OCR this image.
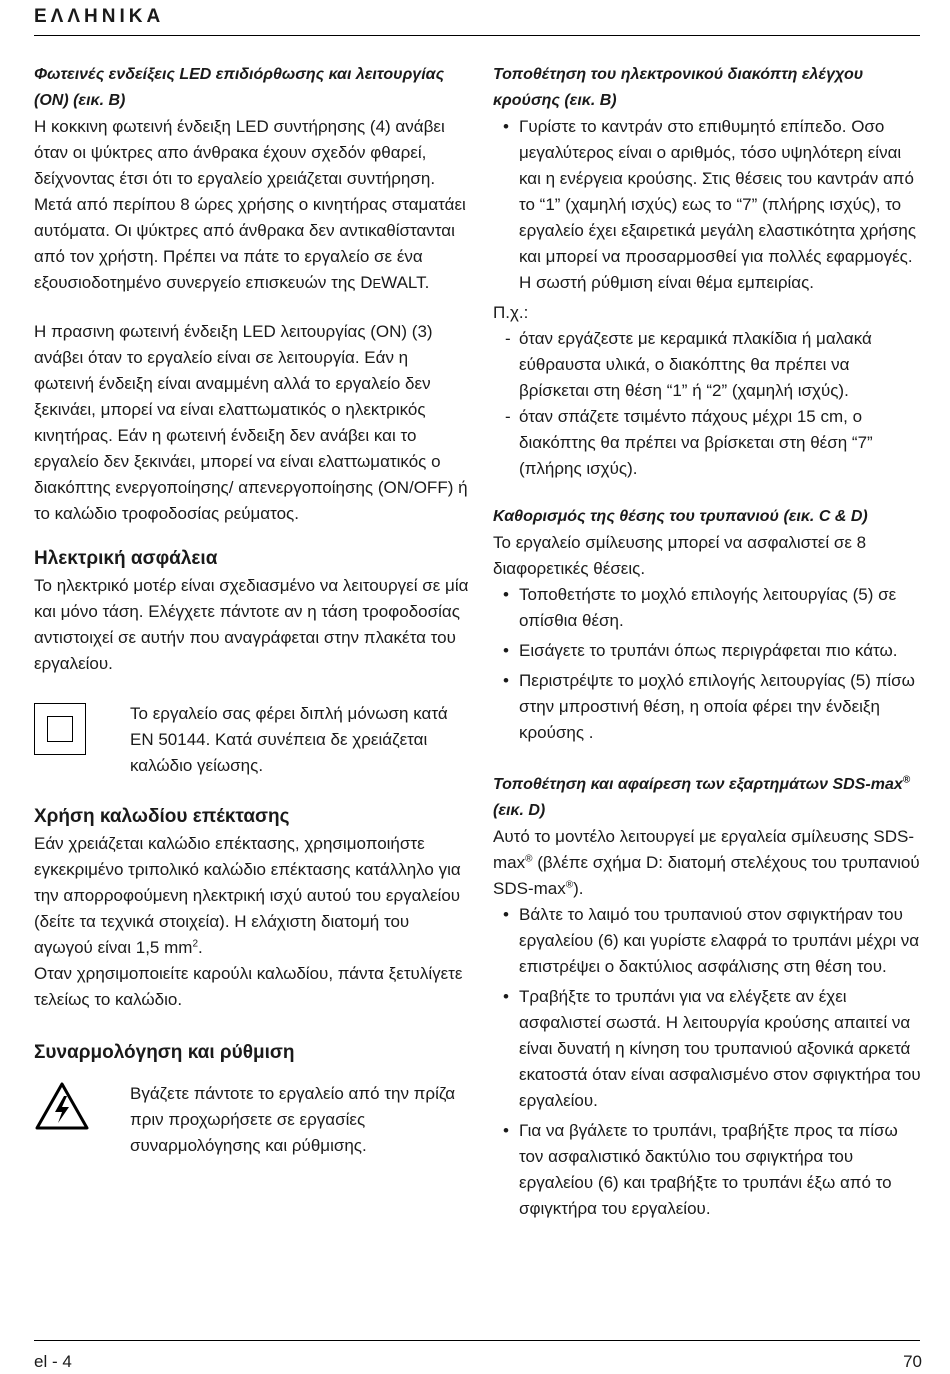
ΕΛΛΗΝΙΚΑ
Φωτεινές ενδείξεις LED επιδιόρθωσης και λειτουργίας (ON) (εικ. B)

Η κοκκινη φωτεινή ένδειξη LED συντήρησης (4) ανάβει όταν οι ψύκτρες απο άνθρακα έχουν σχεδόν φθαρεί, δείχνοντας έτσι ότι το εργαλείο χρειάζεται συντήρηση. Μετά από περίπου 8 ώρες χρήσης ο κινητήρας σταματάει αυτόματα. Οι ψύκτρες από άνθρακα δεν αντικαθίστανται από τον χρήστη. Πρέπει να πάτε το εργαλείο σε ένα εξουσιοδοτημένο συνεργείο επισκευών της DEWALT.

Η πρασινη φωτεινή ένδειξη LED λειτουργίας (ON) (3) ανάβει όταν το εργαλείο είναι σε λειτουργία. Εάν η φωτεινή ένδειξη είναι αναμμένη αλλά το εργαλείο δεν ξεκινάει, μπορεί να είναι ελαττωματικός ο ηλεκτρικός κινητήρας. Εάν η φωτεινή ένδειξη δεν ανάβει και το εργαλείο δεν ξεκινάει, μπορεί να είναι ελαττωματικός ο διακόπτης ενεργοποίησης/ απενεργοποίησης (ON/OFF) ή το καλώδιο τροφοδοσίας ρεύματος.

Ηλεκτρική ασφάλεια

Το ηλεκτρικό μοτέρ είναι σχεδιασμένο να λειτουργεί σε μία και μόνο τάση. Ελέγχετε πάντοτε αν η τάση τροφοδοσίας αντιστοιχεί σε αυτήν που αναγράφεται στην πλακέτα του εργαλείου.

Το εργαλείο σας φέρει διπλή μόνωση κατά EN 50144. Κατά συνέπεια δε χρειάζεται καλώδιο γείωσης.
Χρήση καλωδίου επέκτασης

Εάν χρειάζεται καλώδιο επέκτασης, χρησιμοποιήστε εγκεκριμένο τριπολικό καλώδιο επέκτασης κατάλληλο για την απορροφούμενη ηλεκτρική ισχύ αυτού του εργαλείου (δείτε τα τεχνικά στοιχεία). Η ελάχιστη διατομή του αγωγού είναι 1,5 $mm^2$.

Οταν χρησιμοποιείτε καρούλι καλωδίου, πάντα ξετυλίγετε τελείως το καλώδιο.

Συναρμολόγηση και ρύθμιση
Βγάζετε πάντοτε το εργαλείο από την πρίζα πριν προχωρήσετε σε εργασίες συναρμολόγησης και ρύθμισης.
Τοποθέτηση του ηλεκτρονικού διακόπτη ελέγχου κρούσης (εικ. B)
• Γυρίστε το καντράν στο επιθυμητό επίπεδο. Οσο μεγαλύτερος είναι ο αριθμός, τόσο υψηλότερη είναι και η ενέργεια κρούσης. Στις θέσεις του καντράν από το “1” (χαμηλή ισχύς) εως το “7” (πλήρης ισχύς), το εργαλείο έχει εξαιρετικά μεγάλη ελαστικότητα χρήσης και μπορεί να προσαρμοσθεί για πολλές εφαρμογές. Η σωστή ρύθμιση είναι θέμα εμπειρίας.

Π.χ.:

- όταν εργάζεστε με κεραμικά πλακίδια ή μαλακά εύθραυστα υλικά, ο διακόπτης θα πρέπει να βρίσκεται στη θέση “1” ή “2” (χαμηλή ισχύς).
- όταν σπάζετε τσιμέντο πάχους μέχρι 15 cm, ο διακόπτης θα πρέπει να βρίσκεται στη θέση “7” (πλήρης ισχύς).
Καθορισμός της θέσης του τρυπανιού (εικ. C & D)

Το εργαλείο σμίλευσης μπορεί να ασφαλιστεί σε 8 διαφορετικές θέσεις.

• Τοποθετήστε το μοχλό επιλογής λειτουργίας (5) σε οπίσθια θέση.
• Εισάγετε το τρυπάνι όπως περιγράφεται πιο κάτω.
• Περιστρέψτε το μοχλό επιλογής λειτουργίας (5) πίσω στην μπροστινή θέση, η οποία φέρει την ένδειξη κρούσης .
Τοποθέτηση και αφαίρεση των εξαρτημάτων SDS-max® (εικ. D)

Αυτό το μοντέλο λειτουργεί με εργαλεία σμίλευσης SDS-max® (βλέπε σχήμα D: διατομή στελέχους του τρυπανιού SDS-max®).

• Βάλτε το λαιμό του τρυπανιού στον σφιγκτήραν του εργαλείου (6) και γυρίστε ελαφρά το τρυπάνι μέχρι να επιστρέψει ο δακτύλιος ασφάλισης στη θέση του.
• Τραβήξτε το τρυπάνι για να ελέγξετε αν έχει ασφαλιστεί σωστά. Η λειτουργία κρούσης απαιτεί να είναι δυνατή η κίνηση του τρυπανιού αξονικά αρκετά εκατοστά όταν είναι ασφαλισμένο στον σφιγκτήρα του εργαλείου.
• Για να βγάλετε το τρυπάνι, τραβήξτε προς τα πίσω τον ασφαλιστικό δακτύλιο του σφιγκτήρα του εργαλείου (6) και τραβήξτε το τρυπάνι έξω από το σφιγκτήρα του εργαλείου.
el - 4	70
